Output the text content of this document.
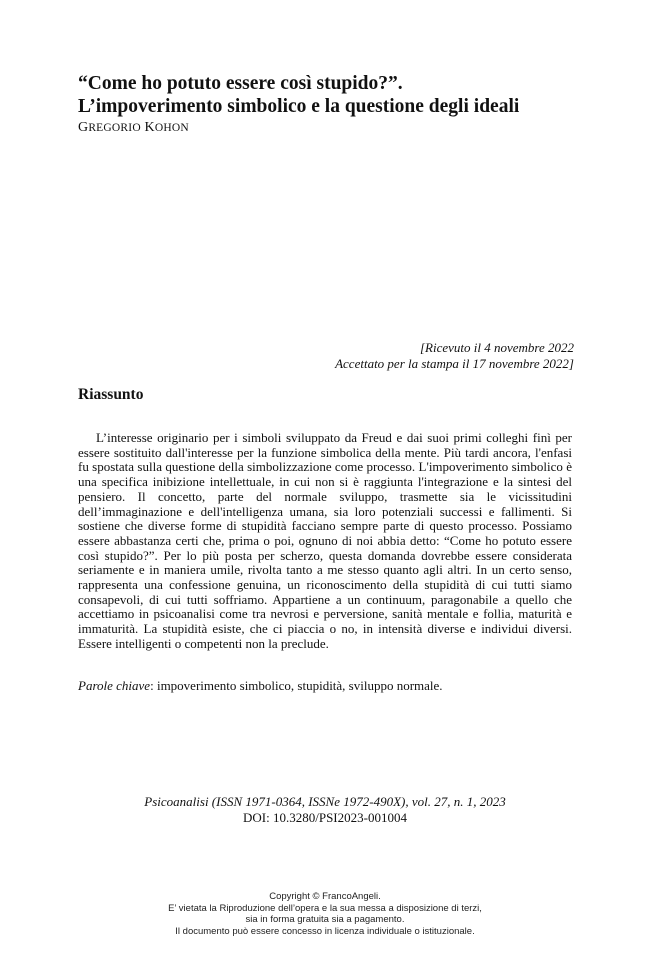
“Come ho potuto essere così stupido?”.
L’impoverimento simbolico e la questione degli ideali
GREGORIO KOHON
[Ricevuto il 4 novembre 2022
Accettato per la stampa il 17 novembre 2022]
Riassunto

L’interesse originario per i simboli sviluppato da Freud e dai suoi primi colleghi finì per essere sostituito dall'interesse per la funzione simbolica della mente. Più tardi ancora, l'enfasi fu spostata sulla questione della simbolizzazione come processo. L'impoverimento simbolico è una specifica inibizione intellettuale, in cui non si è raggiunta l'integrazione e la sintesi del pensiero. Il concetto, parte del normale sviluppo, trasmette sia le vicissitudini dell’immaginazione e dell'intelligenza umana, sia loro potenziali successi e fallimenti. Si sostiene che diverse forme di stupidità facciano sempre parte di questo processo. Possiamo essere abbastanza certi che, prima o poi, ognuno di noi abbia detto: “Come ho potuto essere così stupido?”. Per lo più posta per scherzo, questa domanda dovrebbe essere considerata seriamente e in maniera umile, rivolta tanto a me stesso quanto agli altri. In un certo senso, rappresenta una confessione genuina, un riconoscimento della stupidità di cui tutti siamo consapevoli, di cui tutti soffriamo. Appartiene a un continuum, paragonabile a quello che accettiamo in psicoanalisi come tra nevrosi e perversione, sanità mentale e follia, maturità e immaturità. La stupidità esiste, che ci piaccia o no, in intensità diverse e individui diversi. Essere intelligenti o competenti non la preclude.

Parole chiave: impoverimento simbolico, stupidità, sviluppo normale.
Psicoanalisi (ISSN 1971-0364, ISSNe 1972-490X), vol. 27, n. 1, 2023
DOI: 10.3280/PSI2023-001004
Copyright © FrancoAngeli.
E’ vietata la Riproduzione dell’opera e la sua messa a disposizione di terzi,
sia in forma gratuita sia a pagamento.
Il documento può essere concesso in licenza individuale o istituzionale.
